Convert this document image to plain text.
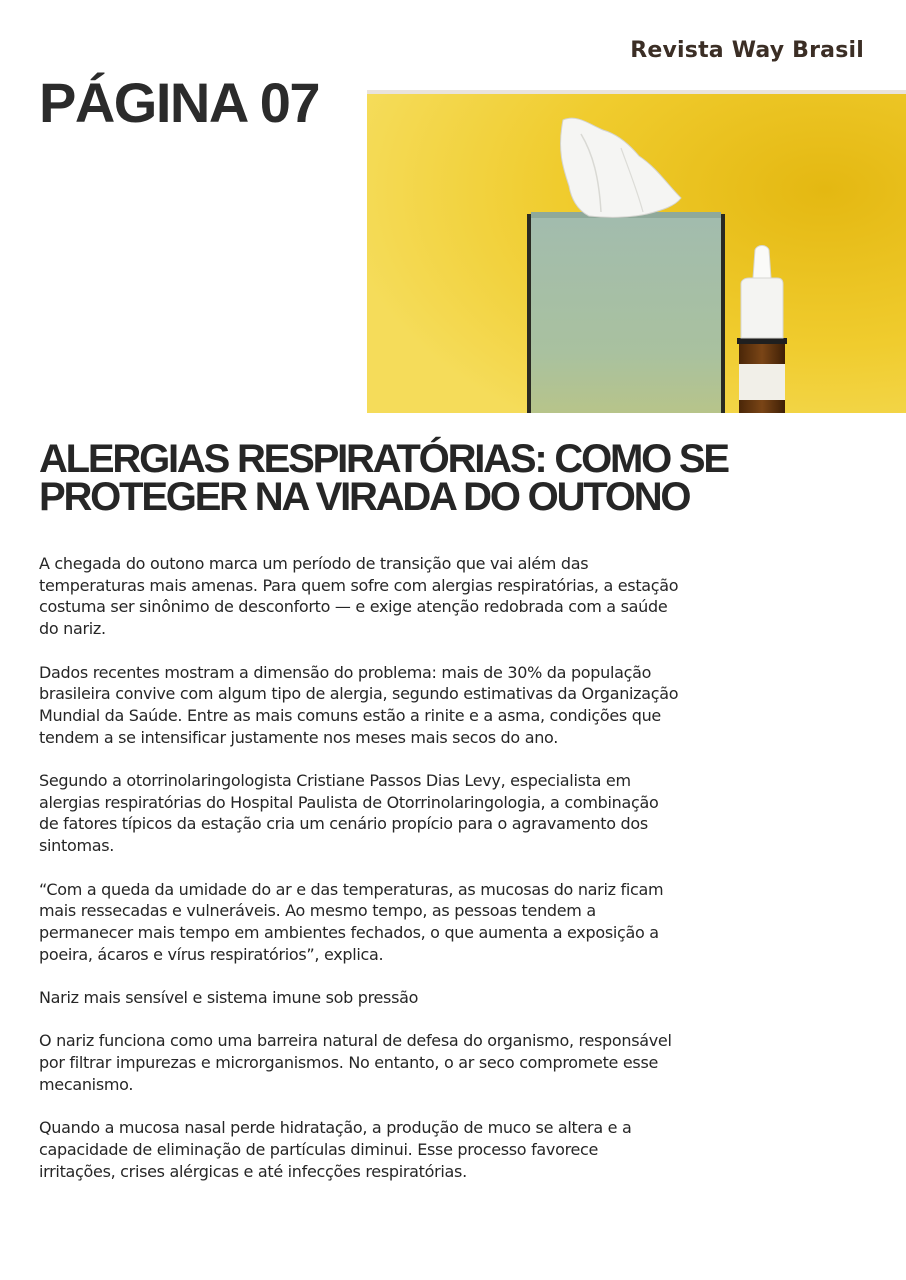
Revista Way Brasil
PÁGINA 07
ALERGIAS RESPIRATÓRIAS: COMO SE
PROTEGER NA VIRADA DO OUTONO

A chegada do outono marca um período de transição que vai além das temperaturas mais amenas. Para quem sofre com alergias respiratórias, a estação costuma ser sinônimo de desconforto — e exige atenção redobrada com a saúde do nariz.

Dados recentes mostram a dimensão do problema: mais de 30% da população brasileira convive com algum tipo de alergia, segundo estimativas da Organização Mundial da Saúde. Entre as mais comuns estão a rinite e a asma, condições que tendem a se intensificar justamente nos meses mais secos do ano.

Segundo a otorrinolaringologista Cristiane Passos Dias Levy, especialista em alergias respiratórias do Hospital Paulista de Otorrinolaringologia, a combinação de fatores típicos da estação cria um cenário propício para o agravamento dos sintomas.

“Com a queda da umidade do ar e das temperaturas, as mucosas do nariz ficam mais ressecadas e vulneráveis. Ao mesmo tempo, as pessoas tendem a permanecer mais tempo em ambientes fechados, o que aumenta a exposição a poeira, ácaros e vírus respiratórios”, explica.

Nariz mais sensível e sistema imune sob pressão

O nariz funciona como uma barreira natural de defesa do organismo, responsável por filtrar impurezas e microrganismos. No entanto, o ar seco compromete esse mecanismo.

Quando a mucosa nasal perde hidratação, a produção de muco se altera e a capacidade de eliminação de partículas diminui. Esse processo favorece irritações, crises alérgicas e até infecções respiratórias.
